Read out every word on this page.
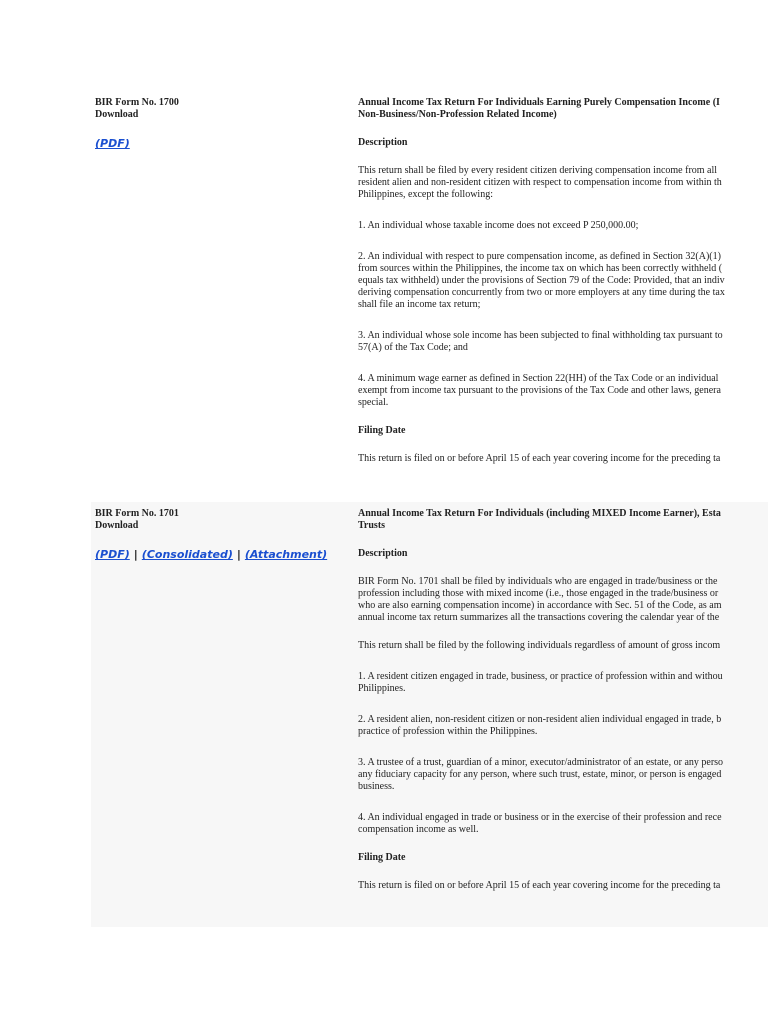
BIR Form No. 1700
Download
(PDF)
Annual Income Tax Return For Individuals Earning Purely Compensation Income (I
Non-Business/Non-Profession Related Income)
Description
This return shall be filed by every resident citizen deriving compensation income from all
resident alien and non-resident citizen with respect to compensation income from within th
Philippines, except the following:
1. An individual whose taxable income does not exceed P 250,000.00;
2. An individual with respect to pure compensation income, as defined in Section 32(A)(1)
from sources within the Philippines, the income tax on which has been correctly withheld (
equals tax withheld) under the provisions of Section 79 of the Code: Provided, that an indiv
deriving compensation concurrently from two or more employers at any time during the tax
shall file an income tax return;
3. An individual whose sole income has been subjected to final withholding tax pursuant to
57(A) of the Tax Code; and
4. A minimum wage earner as defined in Section 22(HH) of the Tax Code or an individual
exempt from income tax pursuant to the provisions of the Tax Code and other laws, genera
special.
Filing Date
This return is filed on or before April 15 of each year covering income for the preceding ta
BIR Form No. 1701
Download
(PDF) | (Consolidated) | (Attachment)
Annual Income Tax Return For Individuals (including MIXED Income Earner), Esta
Trusts
Description
BIR Form No. 1701 shall be filed by individuals who are engaged in trade/business or the
profession including those with mixed income (i.e., those engaged in the trade/business or
who are also earning compensation income) in accordance with Sec. 51 of the Code, as am
annual income tax return summarizes all the transactions covering the calendar year of the
This return shall be filed by the following individuals regardless of amount of gross incom
1. A resident citizen engaged in trade, business, or practice of profession within and withou
Philippines.
2. A resident alien, non-resident citizen or non-resident alien individual engaged in trade, b
practice of profession within the Philippines.
3. A trustee of a trust, guardian of a minor, executor/administrator of an estate, or any perso
any fiduciary capacity for any person, where such trust, estate, minor, or person is engaged
business.
4. An individual engaged in trade or business or in the exercise of their profession and rece
compensation income as well.
Filing Date
This return is filed on or before April 15 of each year covering income for the preceding ta
